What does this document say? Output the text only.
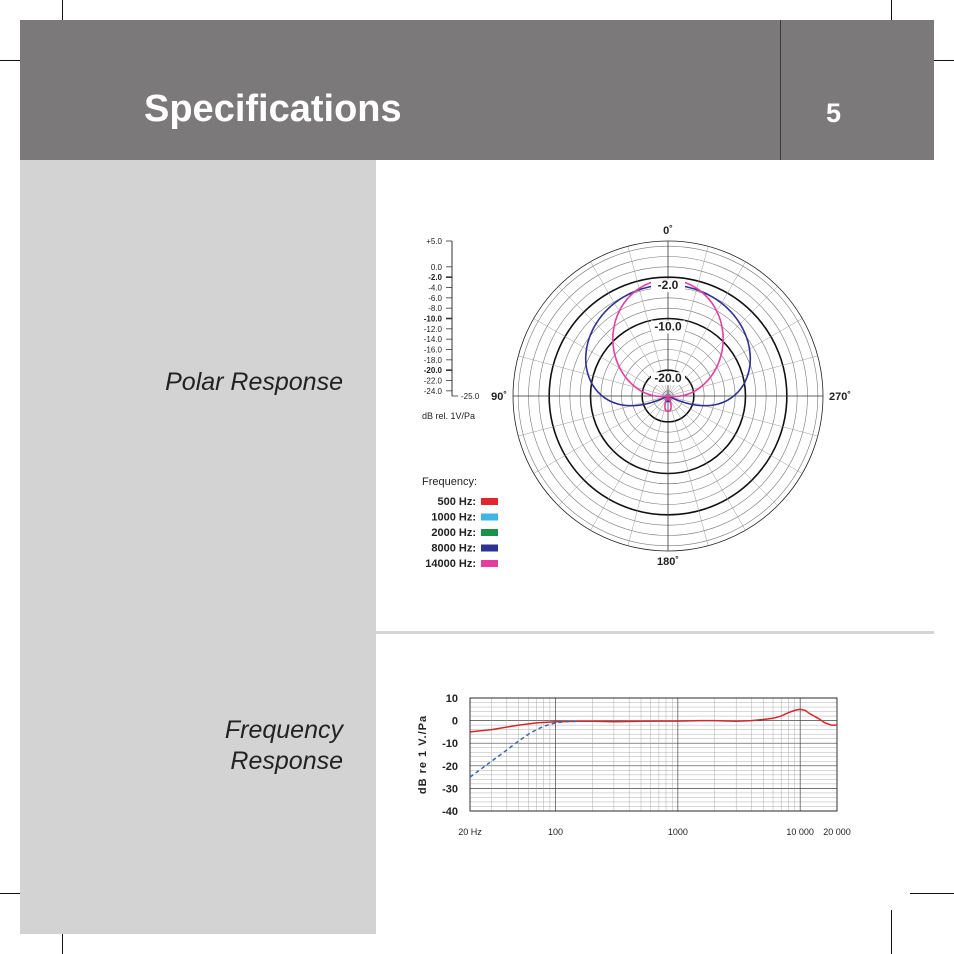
Specifications	5
Polar Response
Frequency
Response
+5.0
0.0
-2.0
-4.0
-6.0
-8.0
-10.0
-12.0
-14.0
-16.0
-18.0
-20.0
-22.0
-24.0
-25.0
dB rel. 1V/Pa
0˚
90˚
180˚
270˚
-2.0
-10.0
-20.0
Frequency:
500 Hz:
1000 Hz:
2000 Hz:
8000 Hz:
14000 Hz:
10
0
-10
-20
-30
-40
20 Hz	100	1000	10 000 20 000
dB re 1 V./Pa
